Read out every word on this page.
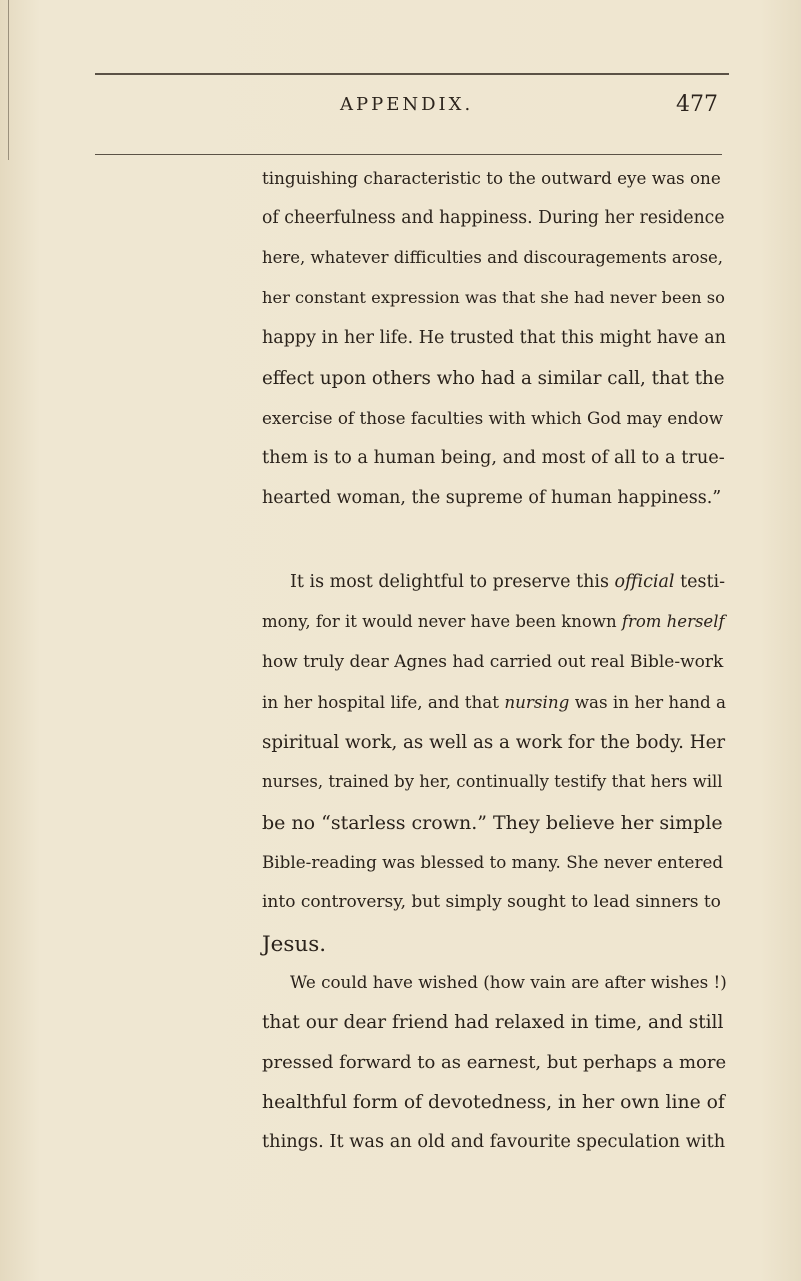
APPENDIX.	477
tinguishing characteristic to the outward eye was one
of cheerfulness and happiness. During her residence
here, whatever difficulties and discouragements arose,
her constant expression was that she had never been so
happy in her life. He trusted that this might have an
effect upon others who had a similar call, that the
exercise of those faculties with which God may endow
them is to a human being, and most of all to a true-
hearted woman, the supreme of human happiness.”
It is most delightful to preserve this official testi-
mony, for it would never have been known from herself
how truly dear Agnes had carried out real Bible-work
in her hospital life, and that nursing was in her hand a
spiritual work, as well as a work for the body. Her
nurses, trained by her, continually testify that hers will
be no “starless crown.” They believe her simple
Bible-reading was blessed to many. She never entered
into controversy, but simply sought to lead sinners to
Jesus.
We could have wished (how vain are after wishes !)
that our dear friend had relaxed in time, and still
pressed forward to as earnest, but perhaps a more
healthful form of devotedness, in her own line of
things. It was an old and favourite speculation with
